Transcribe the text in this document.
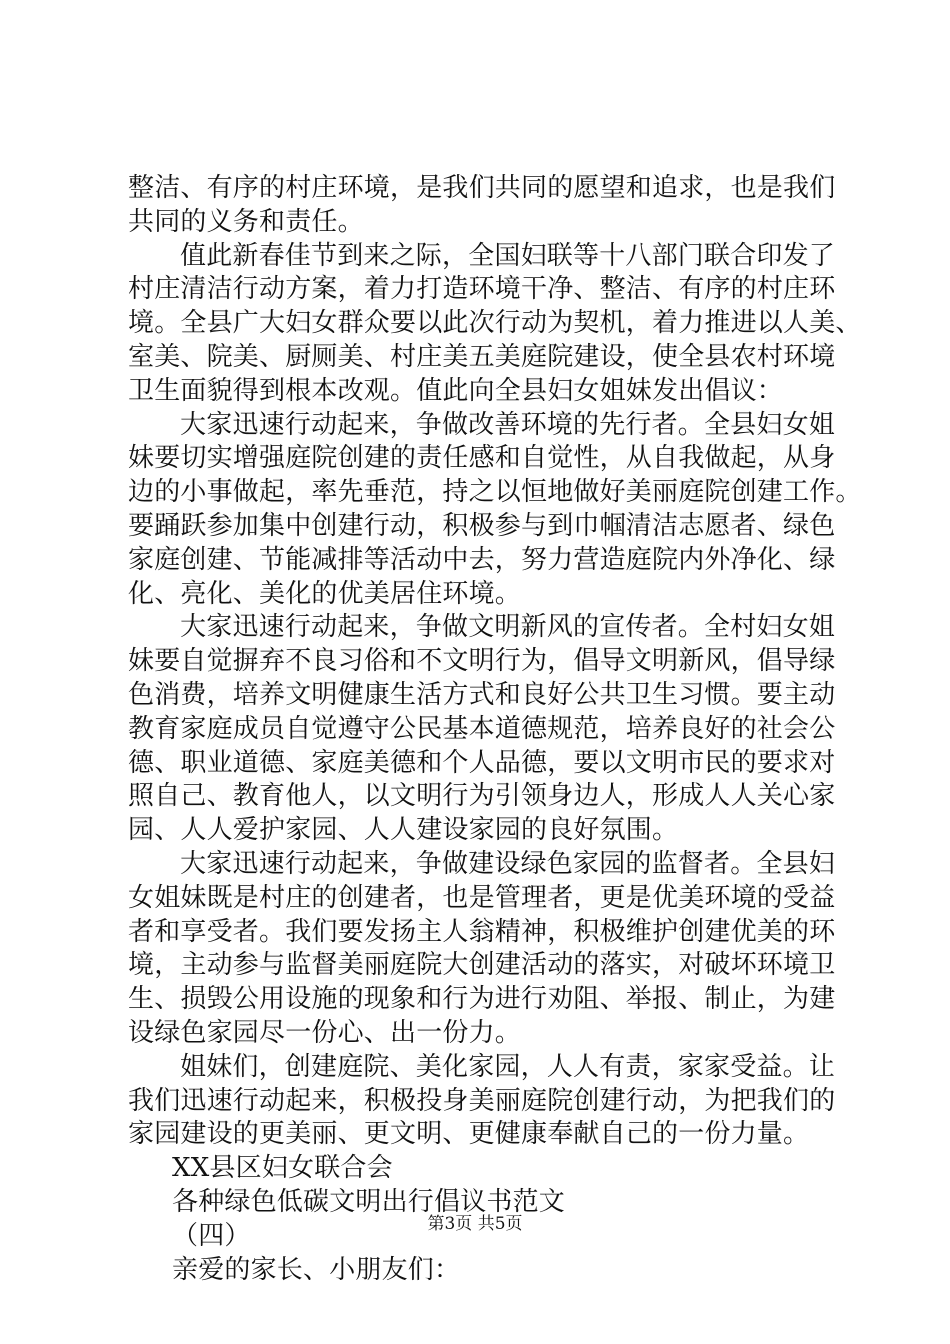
整洁、有序的村庄环境，是我们共同的愿望和追求，也是我们
共同的义务和责任。
值此新春佳节到来之际，全国妇联等十八部门联合印发了
村庄清洁行动方案，着力打造环境干净、整洁、有序的村庄环
境。全县广大妇女群众要以此次行动为契机，着力推进以人美、
室美、院美、厨厕美、村庄美五美庭院建设，使全县农村环境
卫生面貌得到根本改观。值此向全县妇女姐妹发出倡议：
大家迅速行动起来，争做改善环境的先行者。全县妇女姐
妹要切实增强庭院创建的责任感和自觉性，从自我做起，从身
边的小事做起，率先垂范，持之以恒地做好美丽庭院创建工作。
要踊跃参加集中创建行动，积极参与到巾帼清洁志愿者、绿色
家庭创建、节能减排等活动中去，努力营造庭院内外净化、绿
化、亮化、美化的优美居住环境。
大家迅速行动起来，争做文明新风的宣传者。全村妇女姐
妹要自觉摒弃不良习俗和不文明行为，倡导文明新风，倡导绿
色消费，培养文明健康生活方式和良好公共卫生习惯。要主动
教育家庭成员自觉遵守公民基本道德规范，培养良好的社会公
德、职业道德、家庭美德和个人品德，要以文明市民的要求对
照自己、教育他人，以文明行为引领身边人，形成人人关心家
园、人人爱护家园、人人建设家园的良好氛围。
大家迅速行动起来，争做建设绿色家园的监督者。全县妇
女姐妹既是村庄的创建者，也是管理者，更是优美环境的受益
者和享受者。我们要发扬主人翁精神，积极维护创建优美的环
境，主动参与监督美丽庭院大创建活动的落实，对破坏环境卫
生、损毁公用设施的现象和行为进行劝阻、举报、制止，为建
设绿色家园尽一份心、出一份力。
姐妹们，创建庭院、美化家园，人人有责，家家受益。让
我们迅速行动起来，积极投身美丽庭院创建行动，为把我们的
家园建设的更美丽、更文明、更健康奉献自己的一份力量。
XX县区妇女联合会
各种绿色低碳文明出行倡议书范文
（四）
亲爱的家长、小朋友们：
第3页 共5页
